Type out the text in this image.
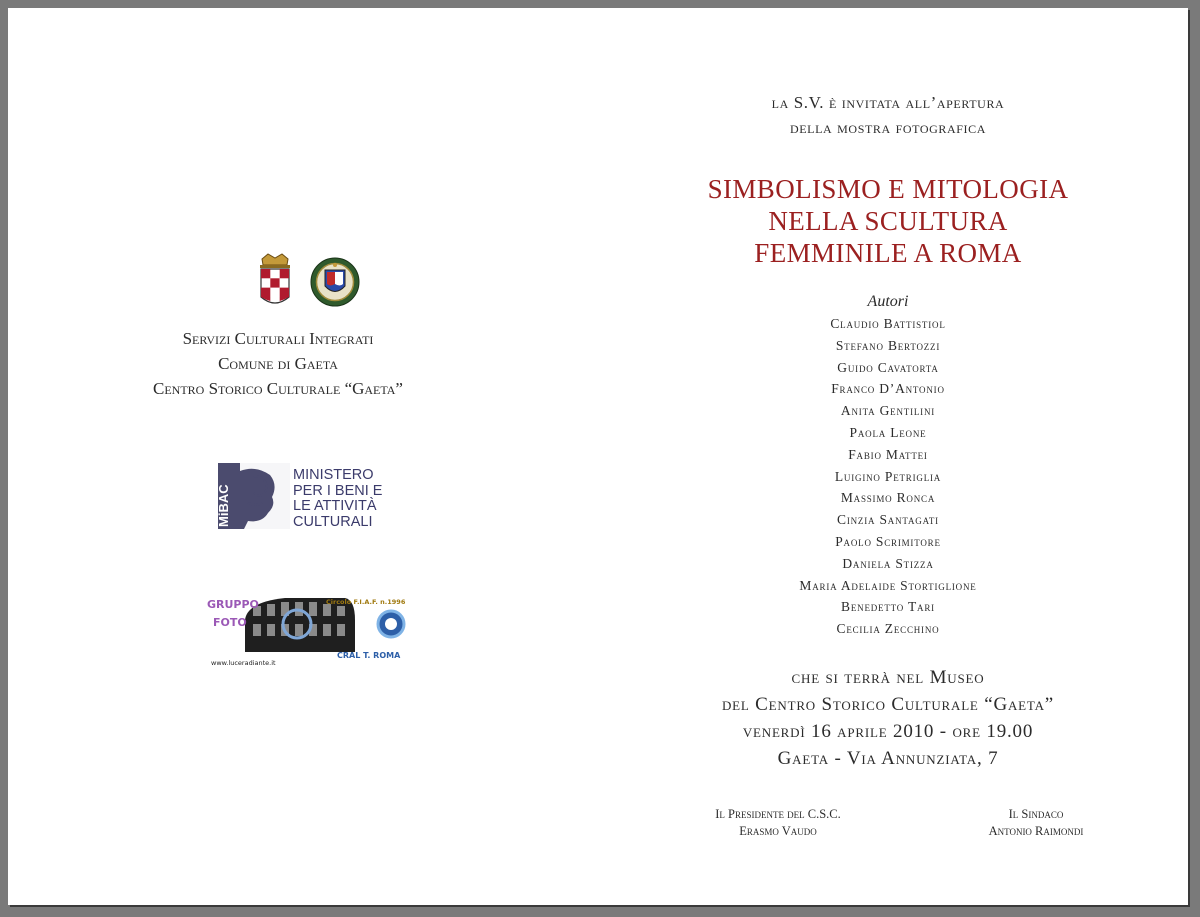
Servizi Culturali Integrati
Comune di Gaeta
Centro Storico Culturale “Gaeta”
MiBAC
MINISTERO
PER I BENI E
LE ATTIVITÀ
CULTURALI
GRUPPO
FOTO
Circolo F.I.A.F. n.1996
www.luceradiante.it
CRAL T. ROMA
la S.V. è invitata all’apertura
della mostra fotografica
SIMBOLISMO E MITOLOGIA
NELLA SCULTURA
FEMMINILE A ROMA
Autori
Claudio Battistiol
Stefano Bertozzi
Guido Cavatorta
Franco D’Antonio
Anita Gentilini
Paola Leone
Fabio Mattei
Luigino Petriglia
Massimo Ronca
Cinzia Santagati
Paolo Scrimitore
Daniela Stizza
Maria Adelaide Stortiglione
Benedetto Tari
Cecilia Zecchino
che si terrà nel Museo
del Centro Storico Culturale “Gaeta”
venerdì 16 aprile 2010 - ore 19.00
Gaeta - Via Annunziata, 7
Il Presidente del C.S.C.
Erasmo Vaudo
Il Sindaco
Antonio Raimondi
